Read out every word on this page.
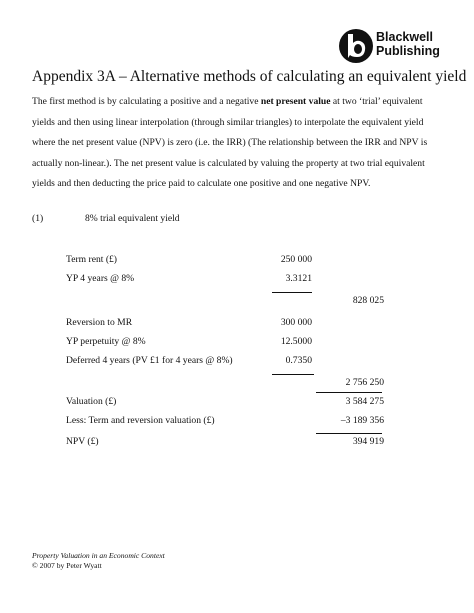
Blackwell
Publishing
Appendix 3A – Alternative methods of calculating an equivalent yield
The first method is by calculating a positive and a negative net present value at two ‘trial’ equivalent yields and then using linear interpolation (through similar triangles) to interpolate the equivalent yield where the net present value (NPV) is zero (i.e. the IRR) (The relationship between the IRR and NPV is actually non-linear.). The net present value is calculated by valuing the property at two trial equivalent yields and then deducting the price paid to calculate one positive and one negative NPV.
(1)	8% trial equivalent yield
Term rent (£)	250 000
YP 4 years @ 8%	3.3121
828 025
Reversion to MR	300 000
YP perpetuity @ 8%	12.5000
Deferred 4 years (PV £1 for 4 years @ 8%)	0.7350
2 756 250
Valuation (£)	3 584 275
Less: Term and reversion valuation (£)	–3 189 356
NPV (£)	394 919
Property Valuation in an Economic Context
© 2007 by Peter Wyatt
